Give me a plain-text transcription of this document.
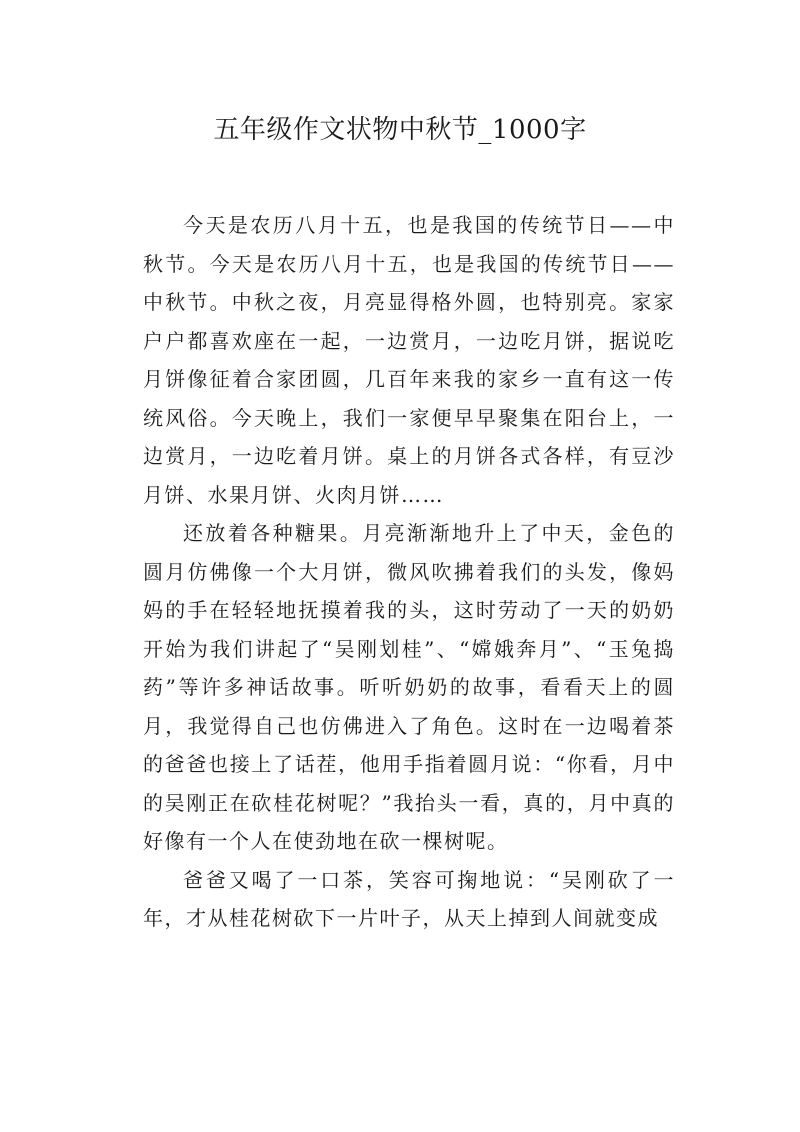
五年级作文状物中秋节_1000字

今天是农历八月十五，也是我国的传统节日——中秋节。今天是农历八月十五，也是我国的传统节日——中秋节。中秋之夜，月亮显得格外圆，也特别亮。家家户户都喜欢座在一起，一边赏月，一边吃月饼，据说吃月饼像征着合家团圆，几百年来我的家乡一直有这一传统风俗。今天晚上，我们一家便早早聚集在阳台上，一边赏月，一边吃着月饼。桌上的月饼各式各样，有豆沙月饼、水果月饼、火肉月饼……

还放着各种糖果。月亮渐渐地升上了中天，金色的圆月仿佛像一个大月饼，微风吹拂着我们的头发，像妈妈的手在轻轻地抚摸着我的头，这时劳动了一天的奶奶开始为我们讲起了“吴刚划桂”、“嫦娥奔月”、“玉兔捣药”等许多神话故事。听听奶奶的故事，看看天上的圆月，我觉得自己也仿佛进入了角色。这时在一边喝着茶的爸爸也接上了话茬，他用手指着圆月说：“你看，月中的吴刚正在砍桂花树呢？”我抬头一看，真的，月中真的好像有一个人在使劲地在砍一棵树呢。

爸爸又喝了一口茶，笑容可掬地说：“吴刚砍了一年，才从桂花树砍下一片叶子，从天上掉到人间就变成
